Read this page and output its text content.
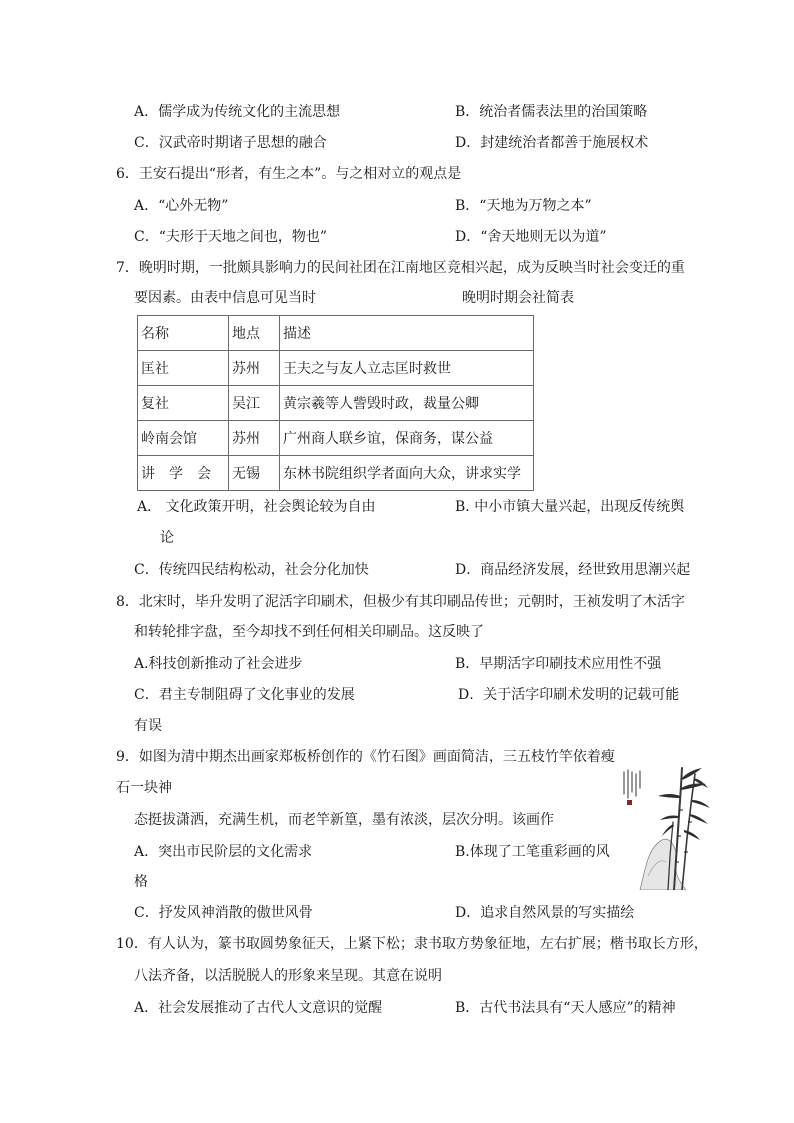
A．儒学成为传统文化的主流思想	B．统治者儒表法里的治国策略
C．汉武帝时期诸子思想的融合	D．封建统治者都善于施展权术
6．王安石提出“形者，有生之本”。与之相对立的观点是
A．“心外无物”	B．“天地为万物之本”
C．“夫形于天地之间也，物也”	D．“舍天地则无以为道”
7．晚明时期，一批颇具影响力的民间社团在江南地区竞相兴起，成为反映当时社会变迁的重
要因素。由表中信息可见当时	晚明时期会社简表
名称	地点	描述
匡社	苏州	王夫之与友人立志匡时救世
复社	吴江	黄宗羲等人訾毁时政，裁量公卿
岭南会馆	苏州	广州商人联乡谊，保商务，谋公益
讲学会	无锡	东林书院组织学者面向大众，讲求实学
A． 文化政策开明，社会舆论较为自由	B. 中小市镇大量兴起，出现反传统舆
论
C．传统四民结构松动，社会分化加快	D．商品经济发展，经世致用思潮兴起
8．北宋时，毕升发明了泥活字印刷术，但极少有其印刷品传世；元朝时，王祯发明了木活字
和转轮排字盘，至今却找不到任何相关印刷品。这反映了
A.科技创新推动了社会进步	B．早期活字印刷技术应用性不强
C．君主专制阻碍了文化事业的发展	D．关于活字印刷术发明的记载可能
有误
9．如图为清中期杰出画家郑板桥创作的《竹石图》画面简洁，三五枝竹竿依着瘦
石一块神
态挺拔潇洒，充满生机，而老竿新篁，墨有浓淡，层次分明。该画作
A．突出市民阶层的文化需求	B.体现了工笔重彩画的风
格
C．抒发风神消散的傲世风骨	D．追求自然风景的写实描绘
10．有人认为，篆书取圆势象征天，上紧下松；隶书取方势象征地，左右扩展；楷书取长方形，
八法齐备，以活脱脱人的形象来呈现。其意在说明
A．社会发展推动了古代人文意识的觉醒	B．古代书法具有“天人感应”的精神
